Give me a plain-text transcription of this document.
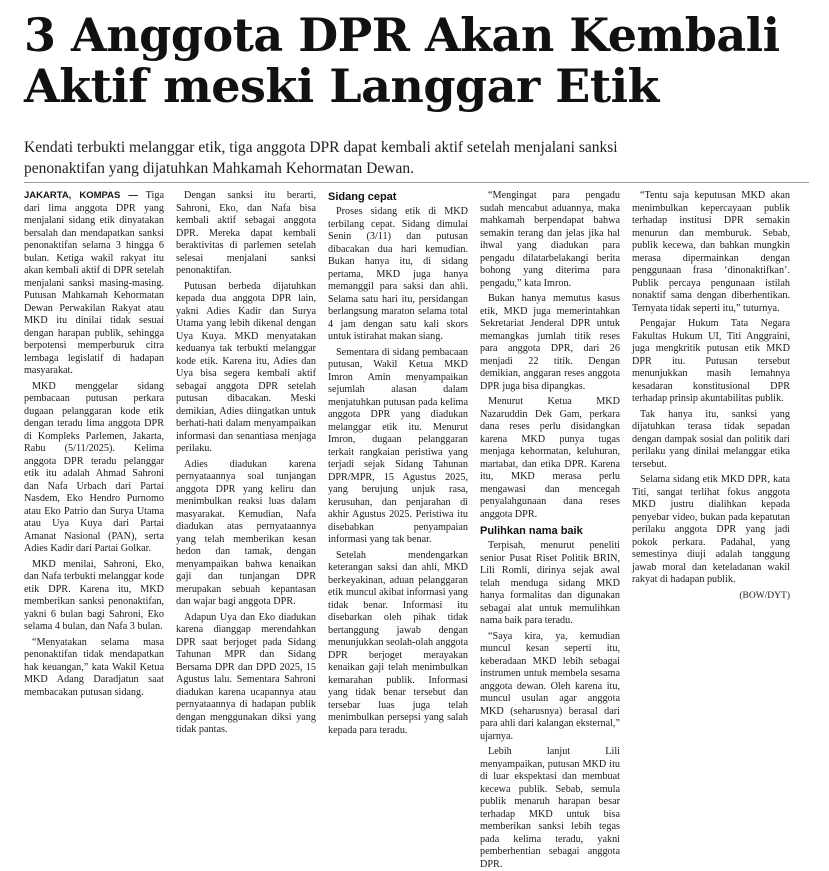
3 Anggota DPR Akan Kembali
Aktif meski Langgar Etik
Kendati terbukti melanggar etik, tiga anggota DPR dapat kembali aktif setelah menjalani sanksi
penonaktifan yang dijatuhkan Mahkamah Kehormatan Dewan.

JAKARTA, KOMPAS — Tiga dari lima anggota DPR yang menjalani sidang etik dinyatakan bersalah dan mendapatkan sanksi penonaktifan selama 3 hingga 6 bulan. Ketiga wakil rakyat itu akan kembali aktif di DPR setelah menjalani sanksi masing-masing. Putusan Mahkamah Kehormatan Dewan Perwakilan Rakyat atau MKD itu dinilai tidak sesuai dengan harapan publik, sehingga berpotensi memperburuk citra lembaga legislatif di hadapan masyarakat.

MKD menggelar sidang pembacaan putusan perkara dugaan pelanggaran kode etik dengan teradu lima anggota DPR di Kompleks Parlemen, Jakarta, Rabu (5/11/2025). Kelima anggota DPR teradu pelanggar etik itu adalah Ahmad Sahroni dan Nafa Urbach dari Partai Nasdem, Eko Hendro Purnomo atau Eko Patrio dan Surya Utama atau Uya Kuya dari Partai Amanat Nasional (PAN), serta Adies Kadir dari Partai Golkar.

MKD menilai, Sahroni, Eko, dan Nafa terbukti melanggar kode etik DPR. Karena itu, MKD memberikan sanksi penonaktifan, yakni 6 bulan bagi Sahroni, Eko selama 4 bulan, dan Nafa 3 bulan.

“Menyatakan selama masa penonaktifan tidak mendapatkan hak keuangan,” kata Wakil Ketua MKD Adang Daradjatun saat membacakan putusan sidang.

Dengan sanksi itu berarti, Sahroni, Eko, dan Nafa bisa kembali aktif sebagai anggota DPR. Mereka dapat kembali beraktivitas di parlemen setelah selesai menjalani sanksi penonaktifan.

Putusan berbeda dijatuhkan kepada dua anggota DPR lain, yakni Adies Kadir dan Surya Utama yang lebih dikenal dengan Uya Kuya. MKD menyatakan keduanya tak terbukti melanggar kode etik. Karena itu, Adies dan Uya bisa segera kembali aktif sebagai anggota DPR setelah putusan dibacakan. Meski demikian, Adies diingatkan untuk berhati-hati dalam menyampaikan informasi dan senantiasa menjaga perilaku.

Adies diadukan karena pernyataannya soal tunjangan anggota DPR yang keliru dan menimbulkan reaksi luas dalam masyarakat. Kemudian, Nafa diadukan atas pernyataannya yang telah memberikan kesan hedon dan tamak, dengan menyampaikan bahwa kenaikan gaji dan tunjangan DPR merupakan sebuah kepantasan dan wajar bagi anggota DPR.

Adapun Uya dan Eko diadukan karena dianggap merendahkan DPR saat berjoget pada Sidang Tahunan MPR dan Sidang Bersama DPR dan DPD 2025, 15 Agustus lalu. Sementara Sahroni diadukan karena ucapannya atau pernyataannya di hadapan publik dengan menggunakan diksi yang tidak pantas.

Sidang cepat

Proses sidang etik di MKD terbilang cepat. Sidang dimulai Senin (3/11) dan putusan dibacakan dua hari kemudian. Bukan hanya itu, di sidang pertama, MKD juga hanya memanggil para saksi dan ahli. Selama satu hari itu, persidangan berlangsung maraton selama total 4 jam dengan satu kali skors untuk istirahat makan siang.

Sementara di sidang pembacaan putusan, Wakil Ketua MKD Imron Amin menyampaikan sejumlah alasan dalam menjatuhkan putusan pada kelima anggota DPR yang diadukan melanggar etik itu. Menurut Imron, dugaan pelanggaran terkait rangkaian peristiwa yang terjadi sejak Sidang Tahunan DPR/MPR, 15 Agustus 2025, yang berujung unjuk rasa, kerusuhan, dan penjarahan di akhir Agustus 2025. Peristiwa itu disebabkan penyampaian informasi yang tak benar.

Setelah mendengarkan keterangan saksi dan ahli, MKD berkeyakinan, aduan pelanggaran etik muncul akibat informasi yang tidak benar. Informasi itu disebarkan oleh pihak tidak bertanggung jawab dengan menunjukkan seolah-olah anggota DPR berjoget merayakan kenaikan gaji telah menimbulkan kemarahan publik. Informasi yang tidak benar tersebut dan tersebar luas juga telah menimbulkan persepsi yang salah kepada para teradu.

“Mengingat para pengadu sudah mencabut aduannya, maka mahkamah berpendapat bahwa semakin terang dan jelas jika hal ihwal yang diadukan para pengadu dilatarbelakangi berita bohong yang diterima para pengadu,” kata Imron.

Bukan hanya memutus kasus etik, MKD juga memerintahkan Sekretariat Jenderal DPR untuk memangkas jumlah titik reses para anggota DPR, dari 26 menjadi 22 titik. Dengan demikian, anggaran reses anggota DPR juga bisa dipangkas.

Menurut Ketua MKD Nazaruddin Dek Gam, perkara dana reses perlu disidangkan karena MKD punya tugas menjaga kehormatan, keluhuran, martabat, dan etika DPR. Karena itu, MKD merasa perlu mengawasi dan mencegah penyalahgunaan dana reses anggota DPR.

Pulihkan nama baik

Terpisah, menurut peneliti senior Pusat Riset Politik BRIN, Lili Romli, dirinya sejak awal telah menduga sidang MKD hanya formalitas dan digunakan sebagai alat untuk memulihkan nama baik para teradu.

“Saya kira, ya, kemudian muncul kesan seperti itu, keberadaan MKD lebih sebagai instrumen untuk membela sesama anggota dewan. Oleh karena itu, muncul usulan agar anggota MKD (seharusnya) berasal dari para ahli dari kalangan eksternal,” ujarnya.

Lebih lanjut Lili menyampaikan, putusan MKD itu di luar ekspektasi dan membuat kecewa publik. Sebab, semula publik menaruh harapan besar terhadap MKD untuk bisa memberikan sanksi lebih tegas pada kelima teradu, yakni pemberhentian sebagai anggota DPR.

“Tentu saja keputusan MKD akan menimbulkan kepercayaan publik terhadap institusi DPR semakin menurun dan memburuk. Sebab, publik kecewa, dan bahkan mungkin merasa dipermainkan dengan penggunaan frasa ‘dinonaktifkan’. Publik percaya pengunaan istilah nonaktif sama dengan diberhentikan. Ternyata tidak seperti itu,” tuturnya.

Pengajar Hukum Tata Negara Fakultas Hukum UI, Titi Anggraini, juga mengkritik putusan etik MKD DPR itu. Putusan tersebut menunjukkan masih lemahnya kesadaran konstitusional DPR terhadap prinsip akuntabilitas publik.

Tak hanya itu, sanksi yang dijatuhkan terasa tidak sepadan dengan dampak sosial dan politik dari perilaku yang dinilai melanggar etika tersebut.

Selama sidang etik MKD DPR, kata Titi, sangat terlihat fokus anggota MKD justru dialihkan kepada penyebar video, bukan pada kepatutan perilaku anggota DPR yang jadi pokok perkara. Padahal, yang semestinya diuji adalah tanggung jawab moral dan keteladanan wakil rakyat di hadapan publik.

(BOW/DYT)
